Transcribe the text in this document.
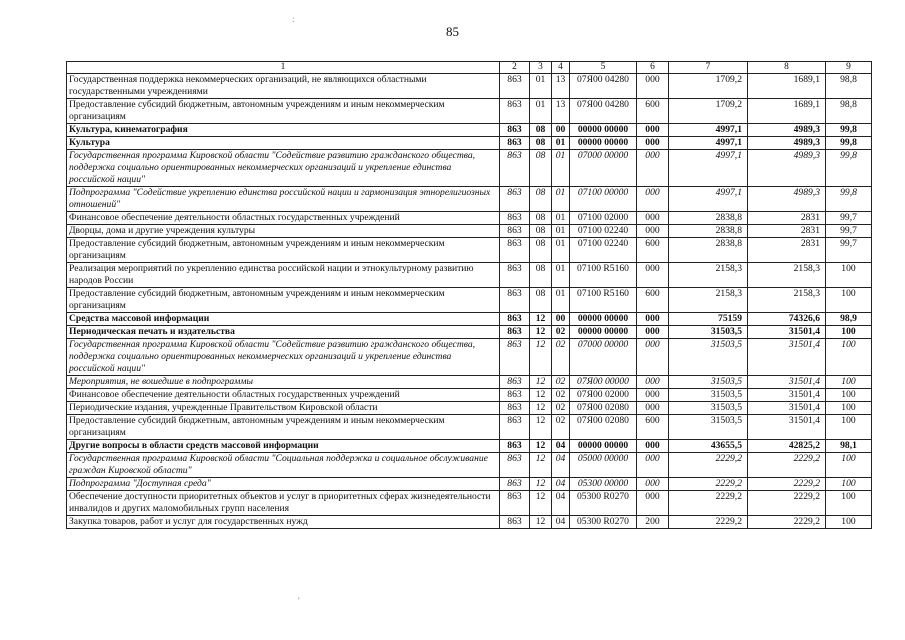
85
:
'
1	2	3	4	5	6	7	8	9
Государственная поддержка некоммерческих организаций, не являющихся областными государственными учреждениями	863	01	13	07Я00 04280	000	1709,2	1689,1	98,8
Предоставление субсидий бюджетным, автономным учреждениям и иным некоммерческим организациям	863	01	13	07Я00 04280	600	1709,2	1689,1	98,8
Культура, кинематография	863	08	00	00000 00000	000	4997,1	4989,3	99,8
Культура	863	08	01	00000 00000	000	4997,1	4989,3	99,8
Государственная программа Кировской области "Содействие развитию гражданского общества, поддержка социально ориентированных некоммерческих организаций и укрепление единства российской нации"	863	08	01	07000 00000	000	4997,1	4989,3	99,8
Подпрограмма "Содействие укреплению единства российской нации и гармонизация этнорелигиозных отношений"	863	08	01	07100 00000	000	4997,1	4989,3	99,8
Финансовое обеспечение деятельности областных государственных учреждений	863	08	01	07100 02000	000	2838,8	2831	99,7
Дворцы, дома и другие учреждения культуры	863	08	01	07100 02240	000	2838,8	2831	99,7
Предоставление субсидий бюджетным, автономным учреждениям и иным некоммерческим организациям	863	08	01	07100 02240	600	2838,8	2831	99,7
Реализация мероприятий по укреплению единства российской нации и этнокультурному развитию народов России	863	08	01	07100 R5160	000	2158,3	2158,3	100
Предоставление субсидий бюджетным, автономным учреждениям и иным некоммерческим организациям	863	08	01	07100 R5160	600	2158,3	2158,3	100
Средства массовой информации	863	12	00	00000 00000	000	75159	74326,6	98,9
Периодическая печать и издательства	863	12	02	00000 00000	000	31503,5	31501,4	100
Государственная программа Кировской области "Содействие развитию гражданского общества, поддержка социально ориентированных некоммерческих организаций и укрепление единства российской нации"	863	12	02	07000 00000	000	31503,5	31501,4	100
Мероприятия, не вошедшие в подпрограммы	863	12	02	07Я00 00000	000	31503,5	31501,4	100
Финансовое обеспечение деятельности областных государственных учреждений	863	12	02	07Я00 02000	000	31503,5	31501,4	100
Периодические издания, учрежденные Правительством Кировской области	863	12	02	07Я00 02080	000	31503,5	31501,4	100
Предоставление субсидий бюджетным, автономным учреждениям и иным некоммерческим организациям	863	12	02	07Я00 02080	600	31503,5	31501,4	100
Другие вопросы в области средств массовой информации	863	12	04	00000 00000	000	43655,5	42825,2	98,1
Государственная программа Кировской области "Социальная поддержка и социальное обслуживание граждан Кировской области"	863	12	04	05000 00000	000	2229,2	2229,2	100
Подпрограмма "Доступная среда"	863	12	04	05300 00000	000	2229,2	2229,2	100
Обеспечение доступности приоритетных объектов и услуг в приоритетных сферах жизнедеятельности инвалидов и других маломобильных групп населения	863	12	04	05300 R0270	000	2229,2	2229,2	100
Закупка товаров, работ и услуг для государственных нужд	863	12	04	05300 R0270	200	2229,2	2229,2	100
